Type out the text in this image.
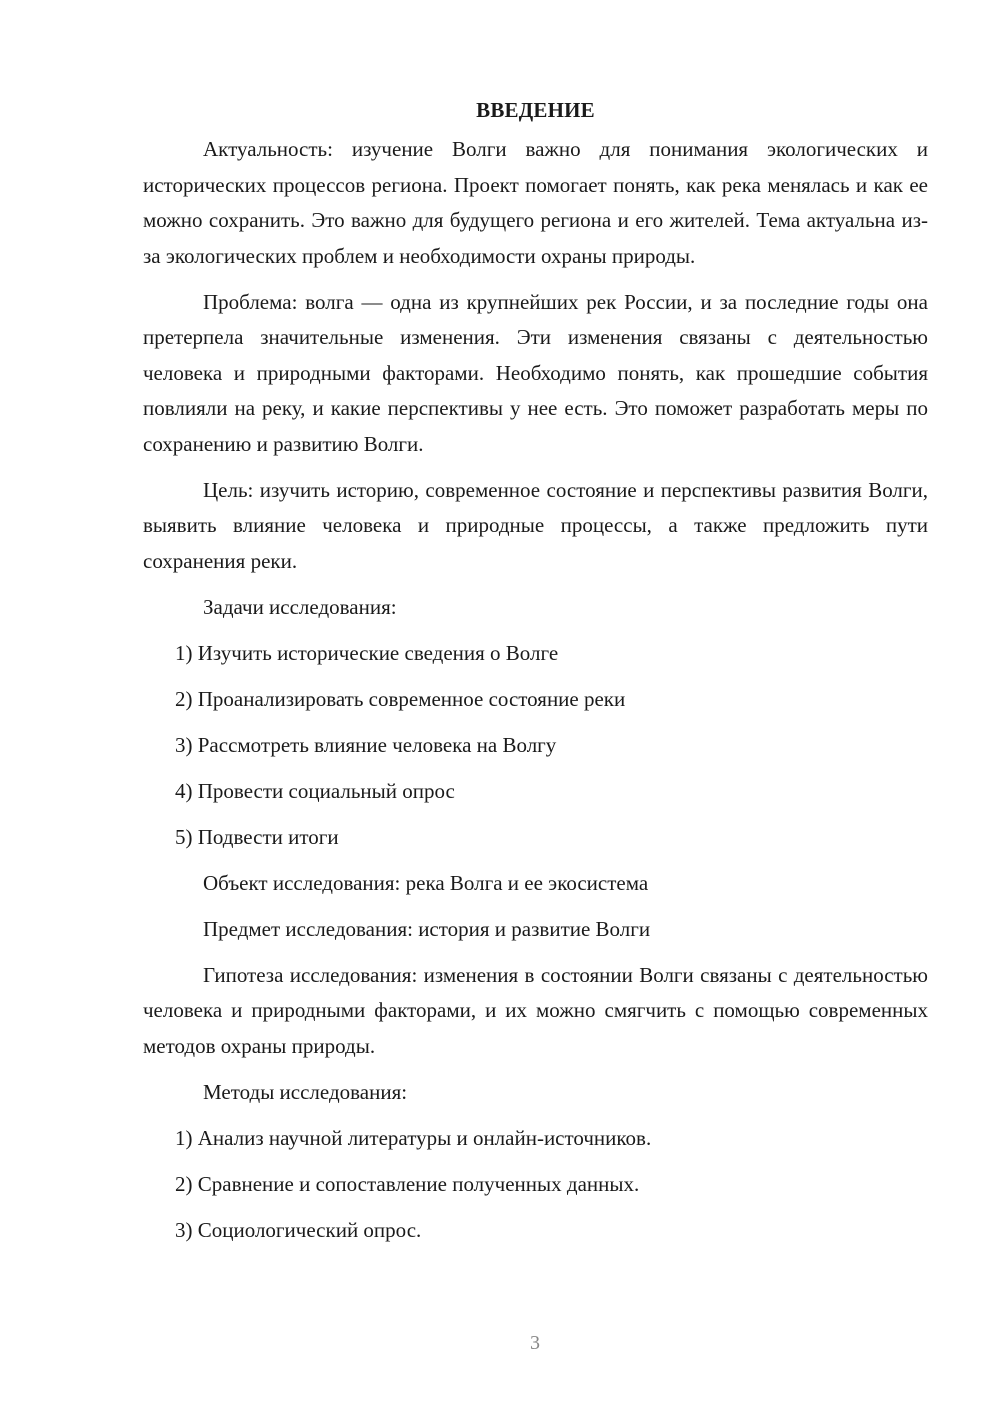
ВВЕДЕНИЕ

Актуальность: изучение Волги важно для понимания экологических и исторических процессов региона. Проект помогает понять, как река менялась и как ее можно сохранить. Это важно для будущего региона и его жителей. Тема актуальна из-за экологических проблем и необходимости охраны природы.

Проблема: волга — одна из крупнейших рек России, и за последние годы она претерпела значительные изменения. Эти изменения связаны с деятельностью человека и природными факторами. Необходимо понять, как прошедшие события повлияли на реку, и какие перспективы у нее есть. Это поможет разработать меры по сохранению и развитию Волги.

Цель: изучить историю, современное состояние и перспективы развития Волги, выявить влияние человека и природные процессы, а также предложить пути сохранения реки.

Задачи исследования:
1) Изучить исторические сведения о Волге
2) Проанализировать современное состояние реки
3) Рассмотреть влияние человека на Волгу
4) Провести социальный опрос
5) Подвести итоги
Объект исследования: река Волга и ее экосистема
Предмет исследования: история и развитие Волги

Гипотеза исследования: изменения в состоянии Волги связаны с деятельностью человека и природными факторами, и их можно смягчить с помощью современных методов охраны природы.

Методы исследования:
1) Анализ научной литературы и онлайн-источников.
2) Сравнение и сопоставление полученных данных.
3) Социологический опрос.
3
